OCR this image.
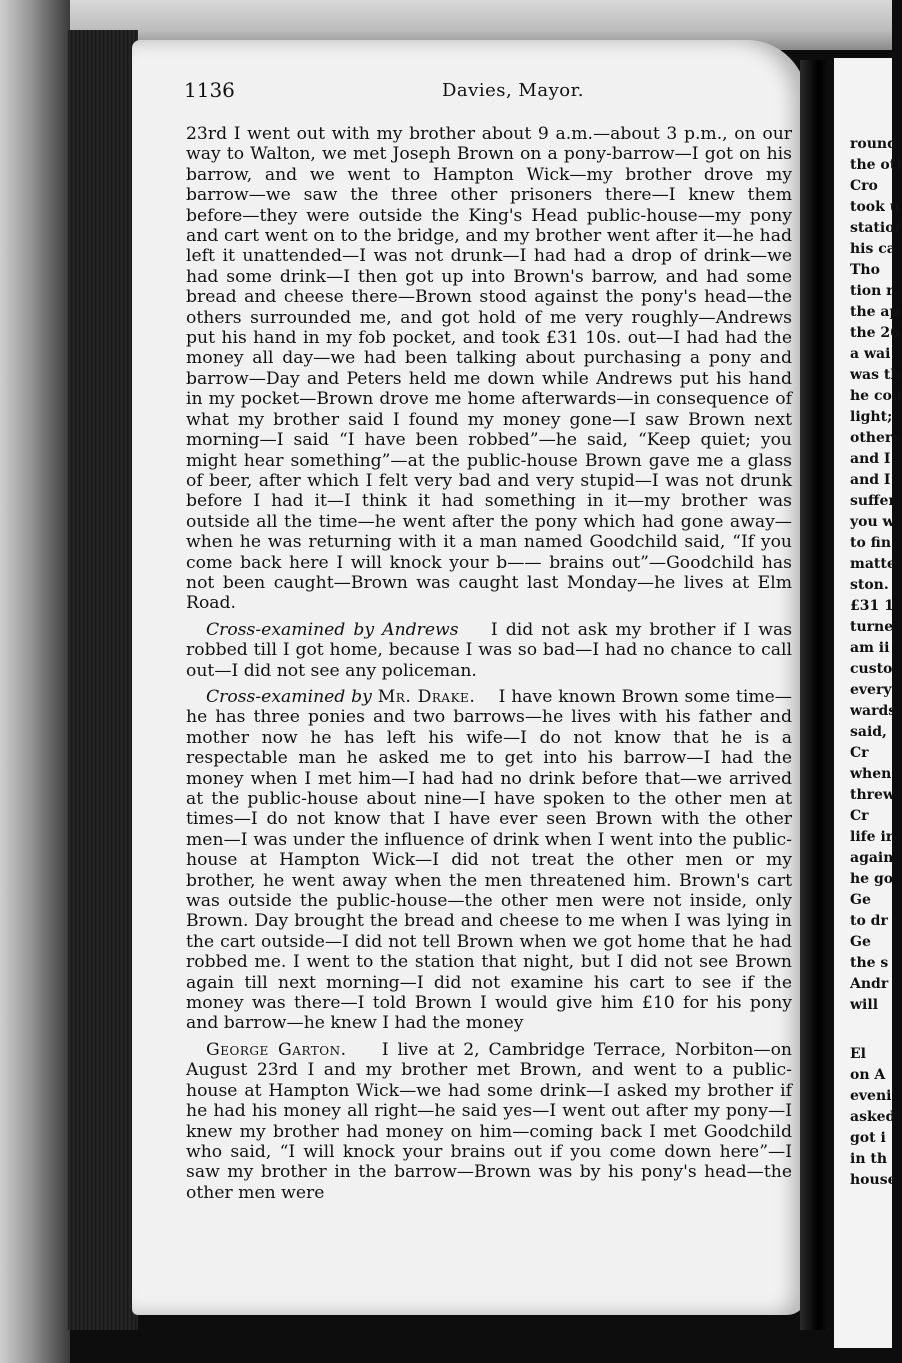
round
the otl
Cro
took u
statior
his ca
Tho
tion r
the ap
the 26
a wai
was th
he cou
light;
others
and I
and I
suffer
you w
to fin
matte
ston.
£31 1
turne
am ii
custo
every
wards
said,
Cr
when
threw
Cr
life ir
again
he go
Ge
to dr
Ge
the s
Andr
will
El
on A
eveni
asked
got i
in th
house
1136	Davies, Mayor.

23rd I went out with my brother about 9 a.m.—about 3 p.m., on our way to Walton, we met Joseph Brown on a pony-barrow—I got on his barrow, and we went to Hampton Wick—my brother drove my barrow—we saw the three other prisoners there—I knew them before—they were outside the King's Head public-house—my pony and cart went on to the bridge, and my brother went after it—he had left it unattended—I was not drunk—I had had a drop of drink—we had some drink—I then got up into Brown's barrow, and had some bread and cheese there—Brown stood against the pony's head—the others surrounded me, and got hold of me very roughly—Andrews put his hand in my fob pocket, and took £31 10s. out—I had had the money all day—we had been talking about purchasing a pony and barrow—Day and Peters held me down while Andrews put his hand in my pocket—Brown drove me home afterwards—in consequence of what my brother said I found my money gone—I saw Brown next morning—I said “I have been robbed”—he said, “Keep quiet; you might hear something”—at the public-house Brown gave me a glass of beer, after which I felt very bad and very stupid—I was not drunk before I had it—I think it had something in it—my brother was outside all the time—he went after the pony which had gone away—when he was returning with it a man named Goodchild said, “If you come back here I will knock your b—— brains out”—Goodchild has not been caught—Brown was caught last Monday—he lives at Elm Road.

Cross-examined by Andrews I did not ask my brother if I was robbed till I got home, because I was so bad—I had no chance to call out—I did not see any policeman.

Cross-examined by Mr. Drake. I have known Brown some time—he has three ponies and two barrows—he lives with his father and mother now he has left his wife—I do not know that he is a respectable man he asked me to get into his barrow—I had the money when I met him—I had had no drink before that—we arrived at the public-house about nine—I have spoken to the other men at times—I do not know that I have ever seen Brown with the other men—I was under the influence of drink when I went into the public-house at Hampton Wick—I did not treat the other men or my brother, he went away when the men threatened him. Brown's cart was outside the public-house—the other men were not inside, only Brown. Day brought the bread and cheese to me when I was lying in the cart outside—I did not tell Brown when we got home that he had robbed me. I went to the station that night, but I did not see Brown again till next morning—I did not examine his cart to see if the money was there—I told Brown I would give him £10 for his pony and barrow—he knew I had the money

George Garton. I live at 2, Cambridge Terrace, Norbiton—on August 23rd I and my brother met Brown, and went to a public-house at Hampton Wick—we had some drink—I asked my brother if he had his money all right—he said yes—I went out after my pony—I knew my brother had money on him—coming back I met Goodchild who said, “I will knock your brains out if you come down here”—I saw my brother in the barrow—Brown was by his pony's head—the other men were
